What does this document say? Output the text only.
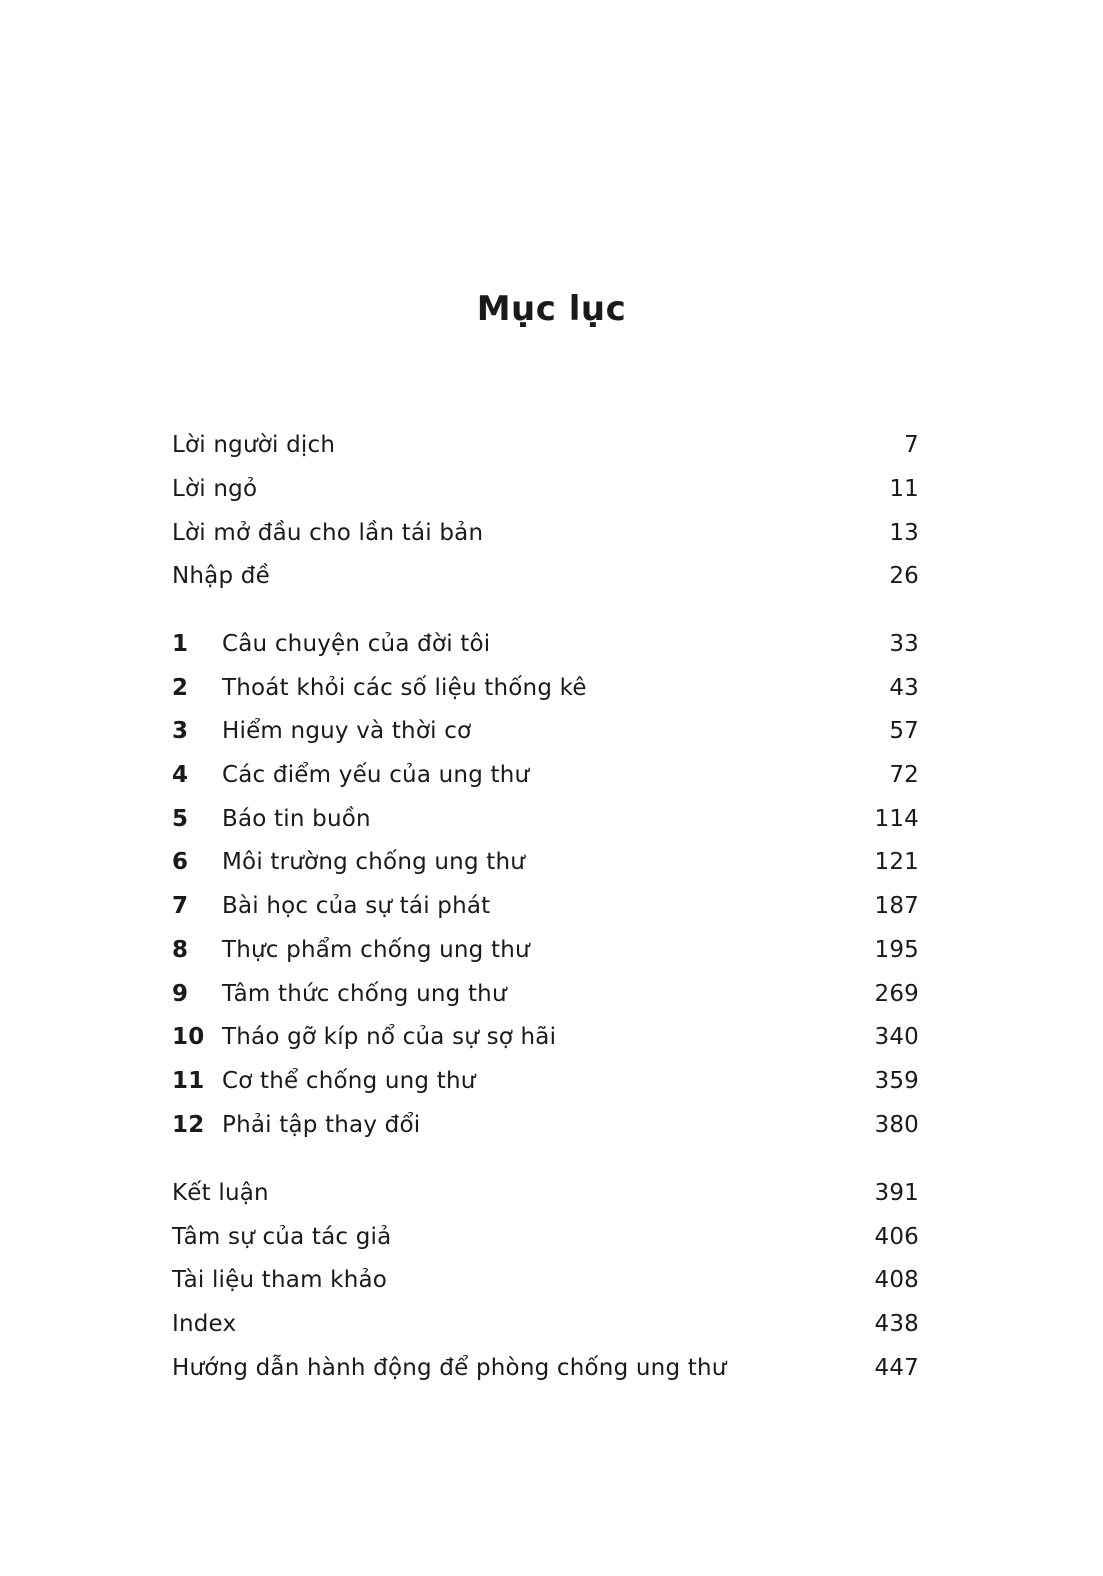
Mục lục
Lời người dịch	7
Lời ngỏ	11
Lời mở đầu cho lần tái bản	13
Nhập đề	26
1	Câu chuyện của đời tôi	33
2	Thoát khỏi các số liệu thống kê	43
3	Hiểm nguy và thời cơ	57
4	Các điểm yếu của ung thư	72
5	Báo tin buồn	114
6	Môi trường chống ung thư	121
7	Bài học của sự tái phát	187
8	Thực phẩm chống ung thư	195
9	Tâm thức chống ung thư	269
10 Tháo gỡ kíp nổ của sự sợ hãi	340
11 Cơ thể chống ung thư	359
12 Phải tập thay đổi	380
Kết luận	391
Tâm sự của tác giả	406
Tài liệu tham khảo	408
Index	438
Hướng dẫn hành động để phòng chống ung thư	447
